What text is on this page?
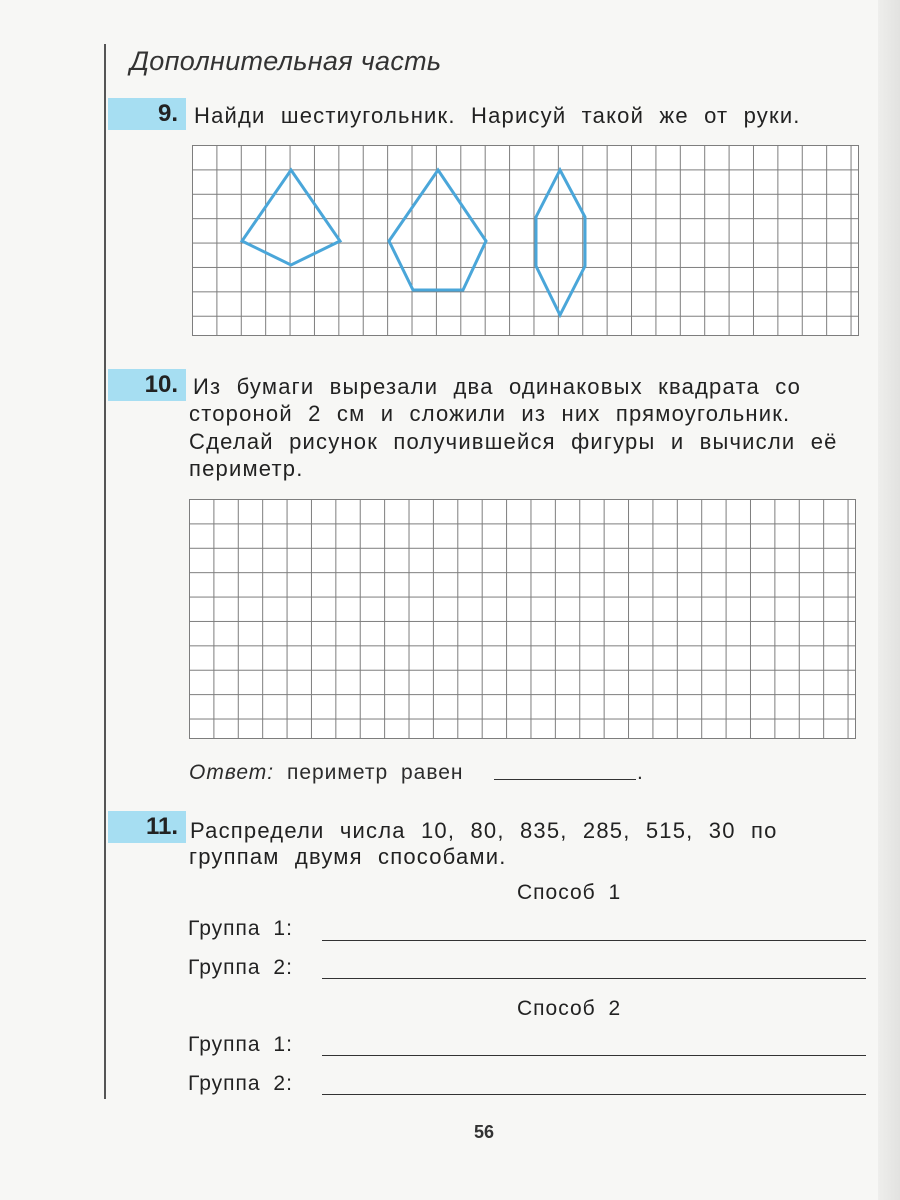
Дополнительная часть
9. Найди шестиугольник. Нарисуй такой же от руки.
10. Из бумаги вырезали два одинаковых квадрата со
стороной 2 см и сложили из них прямоугольник.
Сделай рисунок получившейся фигуры и вычисли её
периметр.
Ответ: периметр равен	.
11. Распредели числа 10, 80, 835, 285, 515, 30 по
группам двумя способами.
Способ 1
Группа 1:
Группа 2:
Способ 2
Группа 1:
Группа 2:
56
